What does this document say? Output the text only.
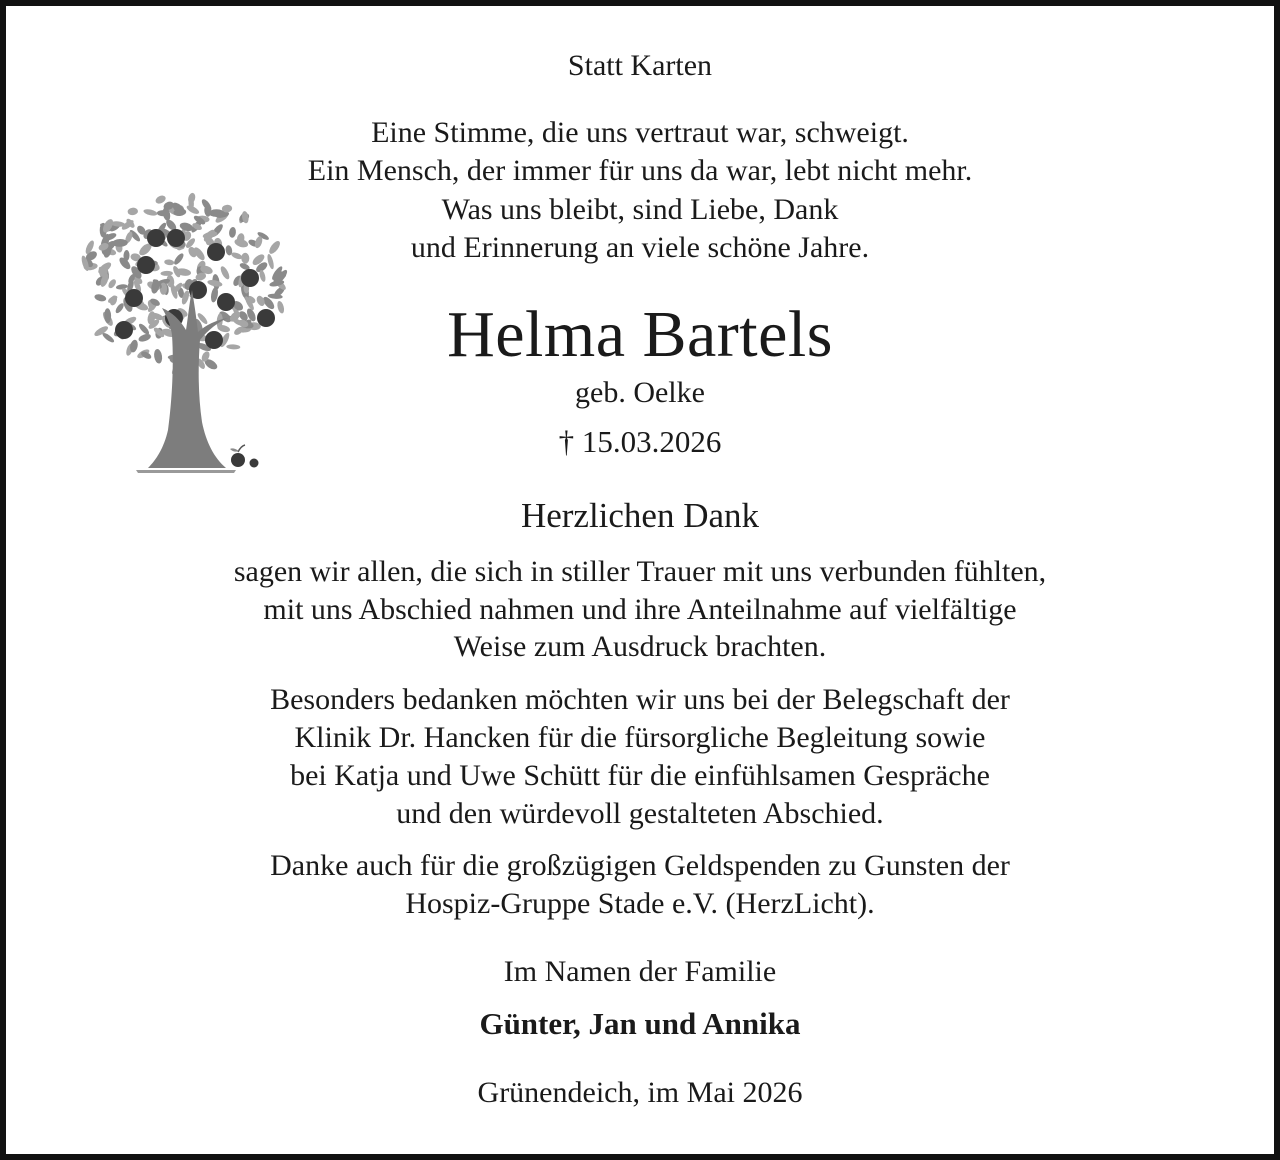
Statt Karten

Eine Stimme, die uns vertraut war, schweigt.

Ein Mensch, der immer für uns da war, lebt nicht mehr.

Was uns bleibt, sind Liebe, Dank

und Erinnerung an viele schöne Jahre.

Helma Bartels

geb. Oelke

† 15.03.2026

Herzlichen Dank

sagen wir allen, die sich in stiller Trauer mit uns verbunden fühlten,

mit uns Abschied nahmen und ihre Anteilnahme auf vielfältige

Weise zum Ausdruck brachten.

Besonders bedanken möchten wir uns bei der Belegschaft der

Klinik Dr. Hancken für die fürsorgliche Begleitung sowie

bei Katja und Uwe Schütt für die einfühlsamen Gespräche

und den würdevoll gestalteten Abschied.

Danke auch für die großzügigen Geldspenden zu Gunsten der

Hospiz-Gruppe Stade e.V. (HerzLicht).

Im Namen der Familie

Günter, Jan und Annika

Grünendeich, im Mai 2026
